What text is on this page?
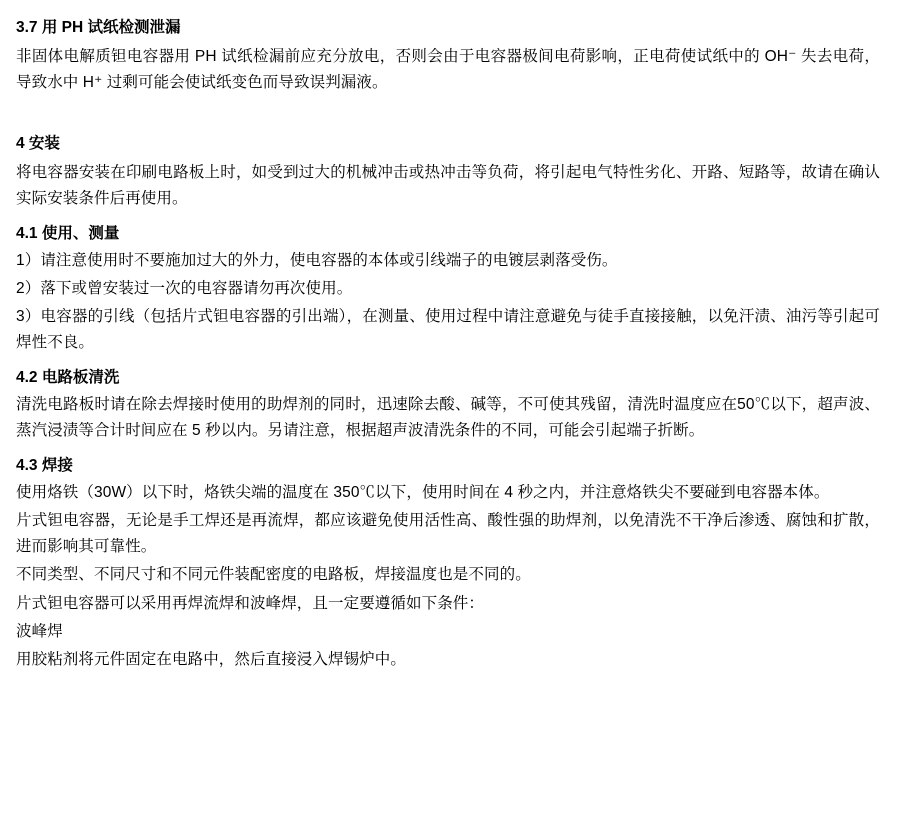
3.7 用 PH 试纸检测泄漏

非固体电解质钽电容器用 PH 试纸检漏前应充分放电，否则会由于电容器极间电荷影响，正电荷使试纸中的 OH⁻ 失去电荷，导致水中 H⁺ 过剩可能会使试纸变色而导致误判漏液。

4 安装

将电容器安装在印刷电路板上时，如受到过大的机械冲击或热冲击等负荷，将引起电气特性劣化、开路、短路等，故请在确认实际安装条件后再使用。

4.1 使用、测量

1）请注意使用时不要施加过大的外力，使电容器的本体或引线端子的电镀层剥落受伤。

2）落下或曾安装过一次的电容器请勿再次使用。

3）电容器的引线（包括片式钽电容器的引出端），在测量、使用过程中请注意避免与徒手直接接触，以免汗渍、油污等引起可焊性不良。

4.2 电路板清洗

清洗电路板时请在除去焊接时使用的助焊剂的同时，迅速除去酸、碱等，不可使其残留，清洗时温度应在50℃以下，超声波、蒸汽浸渍等合计时间应在 5 秒以内。另请注意，根据超声波清洗条件的不同，可能会引起端子折断。

4.3 焊接

使用烙铁（30W）以下时，烙铁尖端的温度在 350℃以下，使用时间在 4 秒之内，并注意烙铁尖不要碰到电容器本体。

片式钽电容器，无论是手工焊还是再流焊，都应该避免使用活性高、酸性强的助焊剂，以免清洗不干净后渗透、腐蚀和扩散，进而影响其可靠性。

不同类型、不同尺寸和不同元件装配密度的电路板，焊接温度也是不同的。

片式钽电容器可以采用再焊流焊和波峰焊，且一定要遵循如下条件：

波峰焊

用胶粘剂将元件固定在电路中，然后直接浸入焊锡炉中。
